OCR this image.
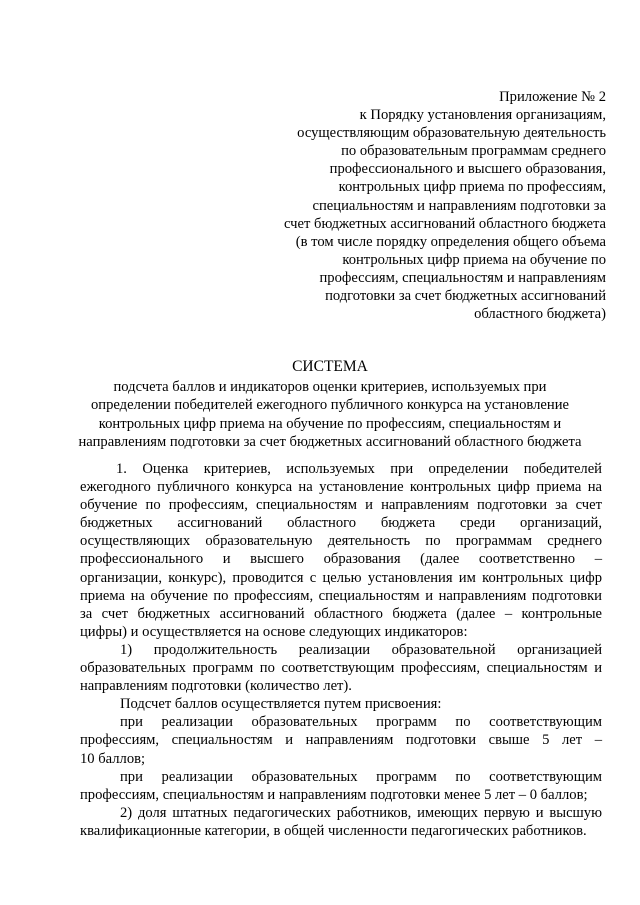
Приложение № 2
к Порядку установления организациям,
осуществляющим образовательную деятельность
по образовательным программам среднего
профессионального и высшего образования,
контрольных цифр приема по профессиям,
специальностям и направлениям подготовки за
счет бюджетных ассигнований областного бюджета
(в том числе порядку определения общего объема
контрольных цифр приема на обучение по
профессиям, специальностям и направлениям
подготовки за счет бюджетных ассигнований
областного бюджета)
СИСТЕМА
подсчета баллов и индикаторов оценки критериев, используемых при
определении победителей ежегодного публичного конкурса на установление
контрольных цифр приема на обучение по профессиям, специальностям и
направлениям подготовки за счет бюджетных ассигнований областного бюджета
1. Оценка критериев, используемых при определении победителей
ежегодного публичного конкурса на установление контрольных цифр приема на
обучение по профессиям, специальностям и направлениям подготовки за счет
бюджетных ассигнований областного бюджета среди организаций,
осуществляющих образовательную деятельность по программам среднего
профессионального и высшего образования (далее соответственно –
организации, конкурс), проводится с целью установления им контрольных цифр
приема на обучение по профессиям, специальностям и направлениям подготовки
за счет бюджетных ассигнований областного бюджета (далее – контрольные
цифры) и осуществляется на основе следующих индикаторов:
1) продолжительность реализации образовательной организацией
образовательных программ по соответствующим профессиям, специальностям и
направлениям подготовки (количество лет).
Подсчет баллов осуществляется путем присвоения:
при реализации образовательных программ по соответствующим
профессиям, специальностям и направлениям подготовки свыше 5 лет –
10 баллов;
при реализации образовательных программ по соответствующим
профессиям, специальностям и направлениям подготовки менее 5 лет – 0 баллов;
2) доля штатных педагогических работников, имеющих первую и высшую
квалификационные категории, в общей численности педагогических работников.
